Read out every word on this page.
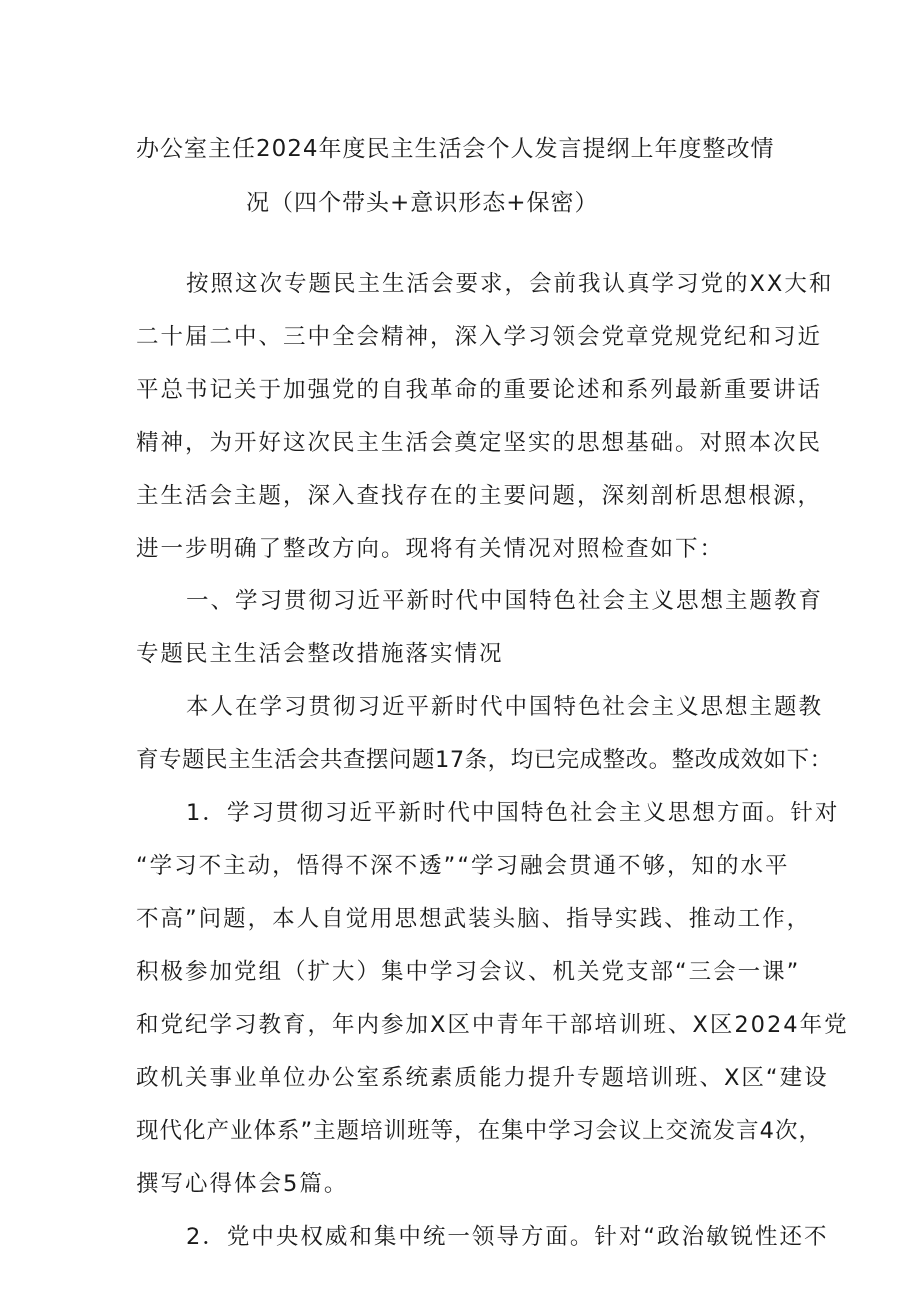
办公室主任2024年度民主生活会个人发言提纲上年度整改情
况（四个带头+意识形态+保密）
按照这次专题民主生活会要求，会前我认真学习党的XX大和
二十届二中、三中全会精神，深入学习领会党章党规党纪和习近
平总书记关于加强党的自我革命的重要论述和系列最新重要讲话
精神，为开好这次民主生活会奠定坚实的思想基础。对照本次民
主生活会主题，深入查找存在的主要问题，深刻剖析思想根源，
进一步明确了整改方向。现将有关情况对照检查如下：
一、学习贯彻习近平新时代中国特色社会主义思想主题教育
专题民主生活会整改措施落实情况
本人在学习贯彻习近平新时代中国特色社会主义思想主题教
育专题民主生活会共查摆问题17条，均已完成整改。整改成效如下：
1．学习贯彻习近平新时代中国特色社会主义思想方面。针对
“学习不主动，悟得不深不透”“学习融会贯通不够，知的水平
不高”问题，本人自觉用思想武装头脑、指导实践、推动工作，
积极参加党组（扩大）集中学习会议、机关党支部“三会一课”
和党纪学习教育，年内参加X区中青年干部培训班、X区2024年党
政机关事业单位办公室系统素质能力提升专题培训班、X区“建设
现代化产业体系”主题培训班等，在集中学习会议上交流发言4次，
撰写心得体会5篇。
2．党中央权威和集中统一领导方面。针对“政治敏锐性还不
